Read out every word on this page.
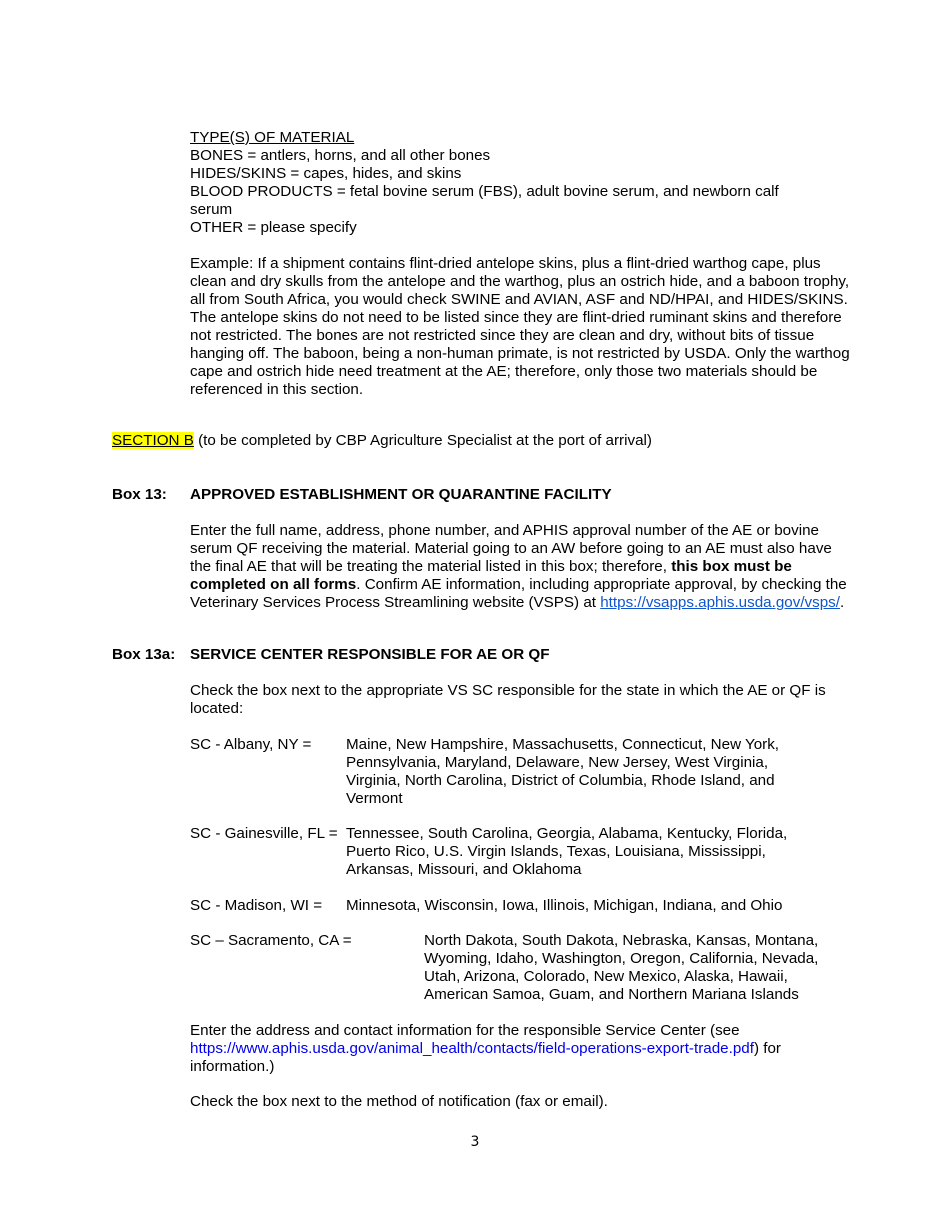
TYPE(S) OF MATERIAL
BONES = antlers, horns, and all other bones
HIDES/SKINS = capes, hides, and skins
BLOOD PRODUCTS = fetal bovine serum (FBS), adult bovine serum, and newborn calf serum
OTHER = please specify
Example: If a shipment contains flint-dried antelope skins, plus a flint-dried warthog cape, plus clean and dry skulls from the antelope and the warthog, plus an ostrich hide, and a baboon trophy, all from South Africa, you would check SWINE and AVIAN, ASF and ND/HPAI, and HIDES/SKINS. The antelope skins do not need to be listed since they are flint-dried ruminant skins and therefore not restricted. The bones are not restricted since they are clean and dry, without bits of tissue hanging off. The baboon, being a non-human primate, is not restricted by USDA. Only the warthog cape and ostrich hide need treatment at the AE; therefore, only those two materials should be referenced in this section.
SECTION B (to be completed by CBP Agriculture Specialist at the port of arrival)
Box 13: APPROVED ESTABLISHMENT OR QUARANTINE FACILITY
Enter the full name, address, phone number, and APHIS approval number of the AE or bovine serum QF receiving the material. Material going to an AW before going to an AE must also have the final AE that will be treating the material listed in this box; therefore, this box must be completed on all forms. Confirm AE information, including appropriate approval, by checking the Veterinary Services Process Streamlining website (VSPS) at https://vsapps.aphis.usda.gov/vsps/.
Box 13a: SERVICE CENTER RESPONSIBLE FOR AE OR QF
Check the box next to the appropriate VS SC responsible for the state in which the AE or QF is located:
SC - Albany, NY = Maine, New Hampshire, Massachusetts, Connecticut, New York, Pennsylvania, Maryland, Delaware, New Jersey, West Virginia, Virginia, North Carolina, District of Columbia, Rhode Island, and Vermont
SC - Gainesville, FL = Tennessee, South Carolina, Georgia, Alabama, Kentucky, Florida, Puerto Rico, U.S. Virgin Islands, Texas, Louisiana, Mississippi, Arkansas, Missouri, and Oklahoma
SC - Madison, WI = Minnesota, Wisconsin, Iowa, Illinois, Michigan, Indiana, and Ohio
SC – Sacramento, CA =	North Dakota, South Dakota, Nebraska, Kansas, Montana, Wyoming, Idaho, Washington, Oregon, California, Nevada, Utah, Arizona, Colorado, New Mexico, Alaska, Hawaii, American Samoa, Guam, and Northern Mariana Islands
Enter the address and contact information for the responsible Service Center (see
https://www.aphis.usda.gov/animal_health/contacts/field-operations-export-trade.pdf) for information.)
Check the box next to the method of notification (fax or email).
3
